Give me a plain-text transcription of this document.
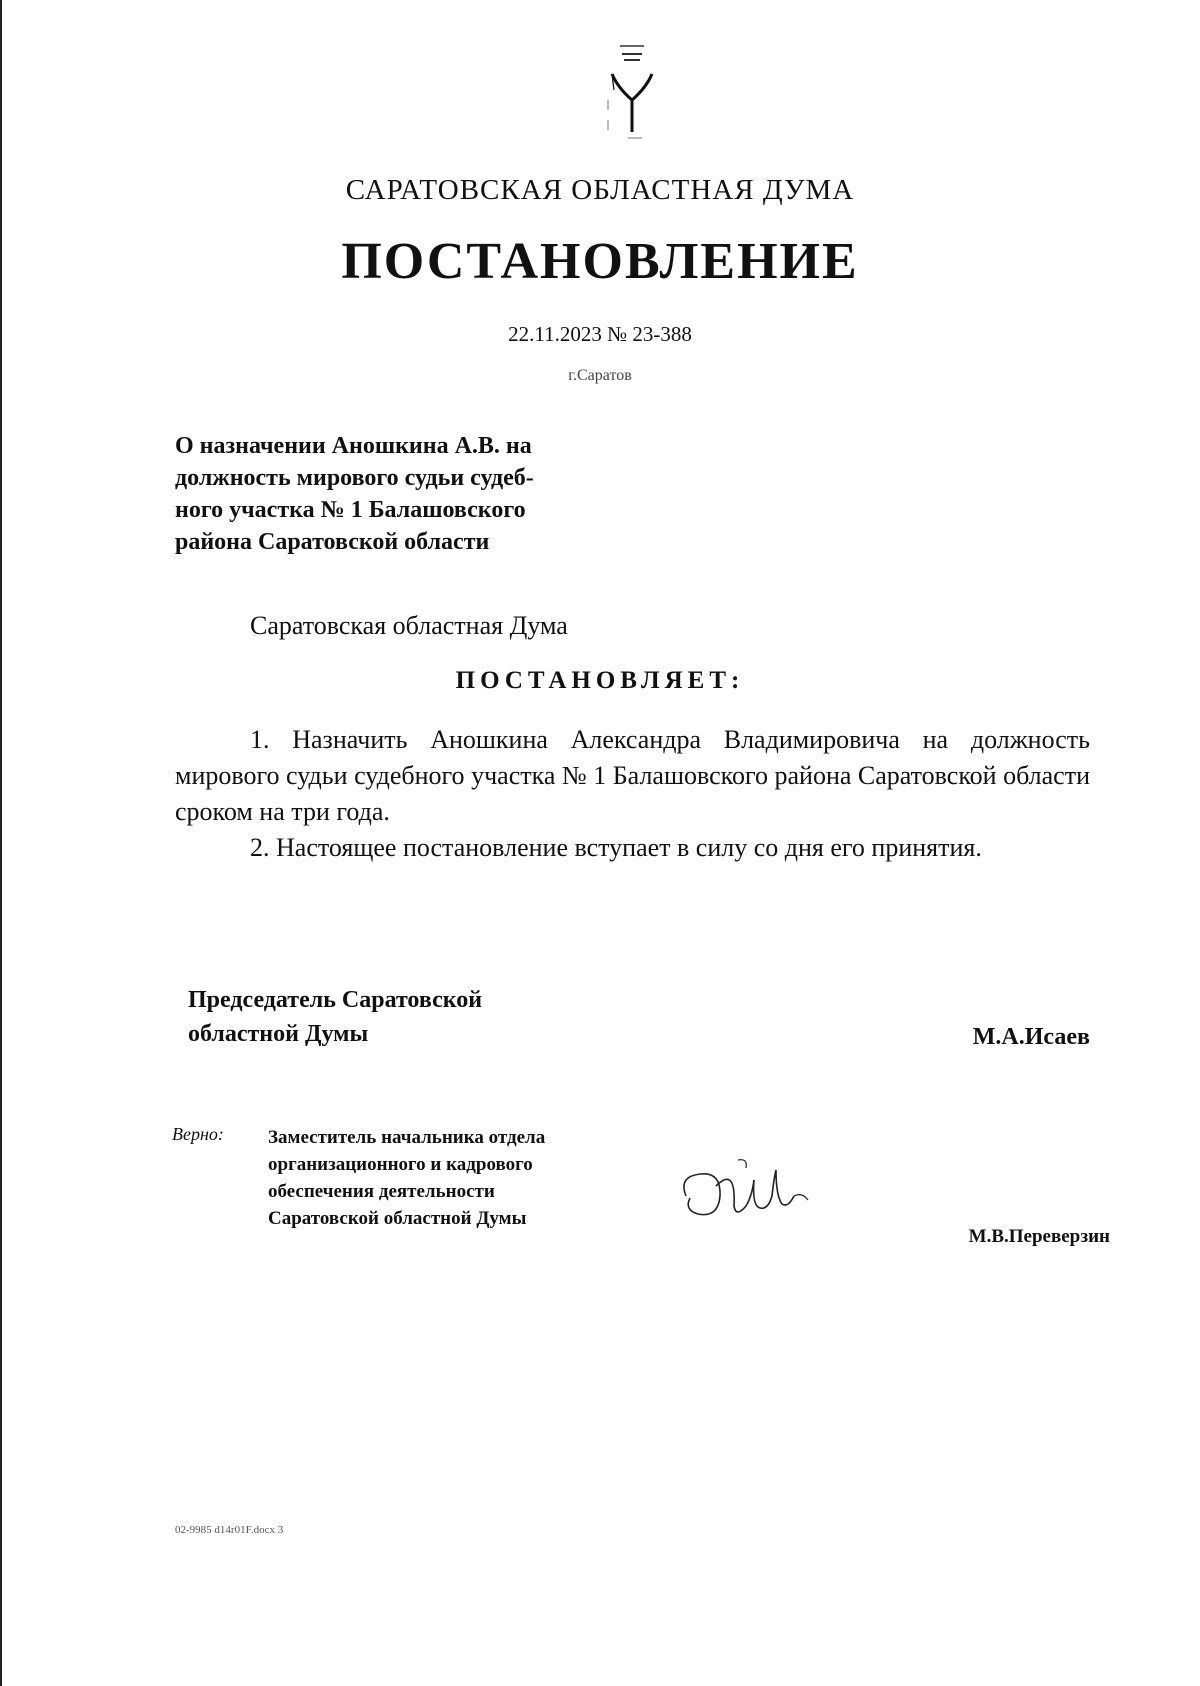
САРАТОВСКАЯ ОБЛАСТНАЯ ДУМА
ПОСТАНОВЛЕНИЕ
22.11.2023 № 23-388
г.Саратов
О назначении Аношкина А.В. на
должность мирового судьи судеб-
ного участка № 1 Балашовского
района Саратовской области
Саратовская областная Дума
ПОСТАНОВЛЯЕТ:

1. Назначить Аношкина Александра Владимировича на должность мирового судьи судебного участка № 1 Балашовского района Саратовской области сроком на три года.

2. Настоящее постановление вступает в силу со дня его принятия.

Председатель Саратовской
областной Думы	М.А.Исаев
Верно: Заместитель начальника отдела
организационного и кадрового
обеспечения деятельности
Саратовской областной Думы
М.В.Переверзин
02-9985 d14r01F.docx 3
